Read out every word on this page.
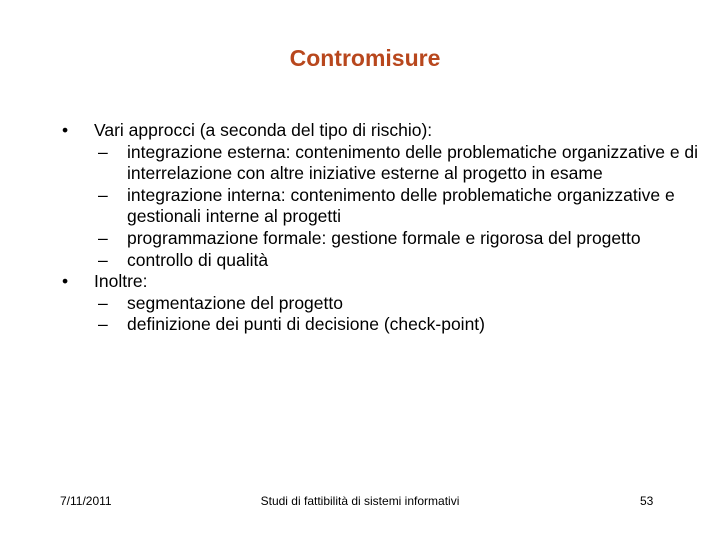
Contromisure
• Vari approcci (a seconda del tipo di rischio):
– integrazione esterna: contenimento delle problematiche organizzative e di interrelazione con altre iniziative esterne al progetto in esame
– integrazione interna: contenimento delle problematiche organizzative e gestionali interne al progetti
– programmazione formale: gestione formale e rigorosa del progetto
– controllo di qualità
• Inoltre:
– segmentazione del progetto
– definizione dei punti di decisione (check-point)
7/11/2011	Studi di fattibilità di sistemi informativi	53
